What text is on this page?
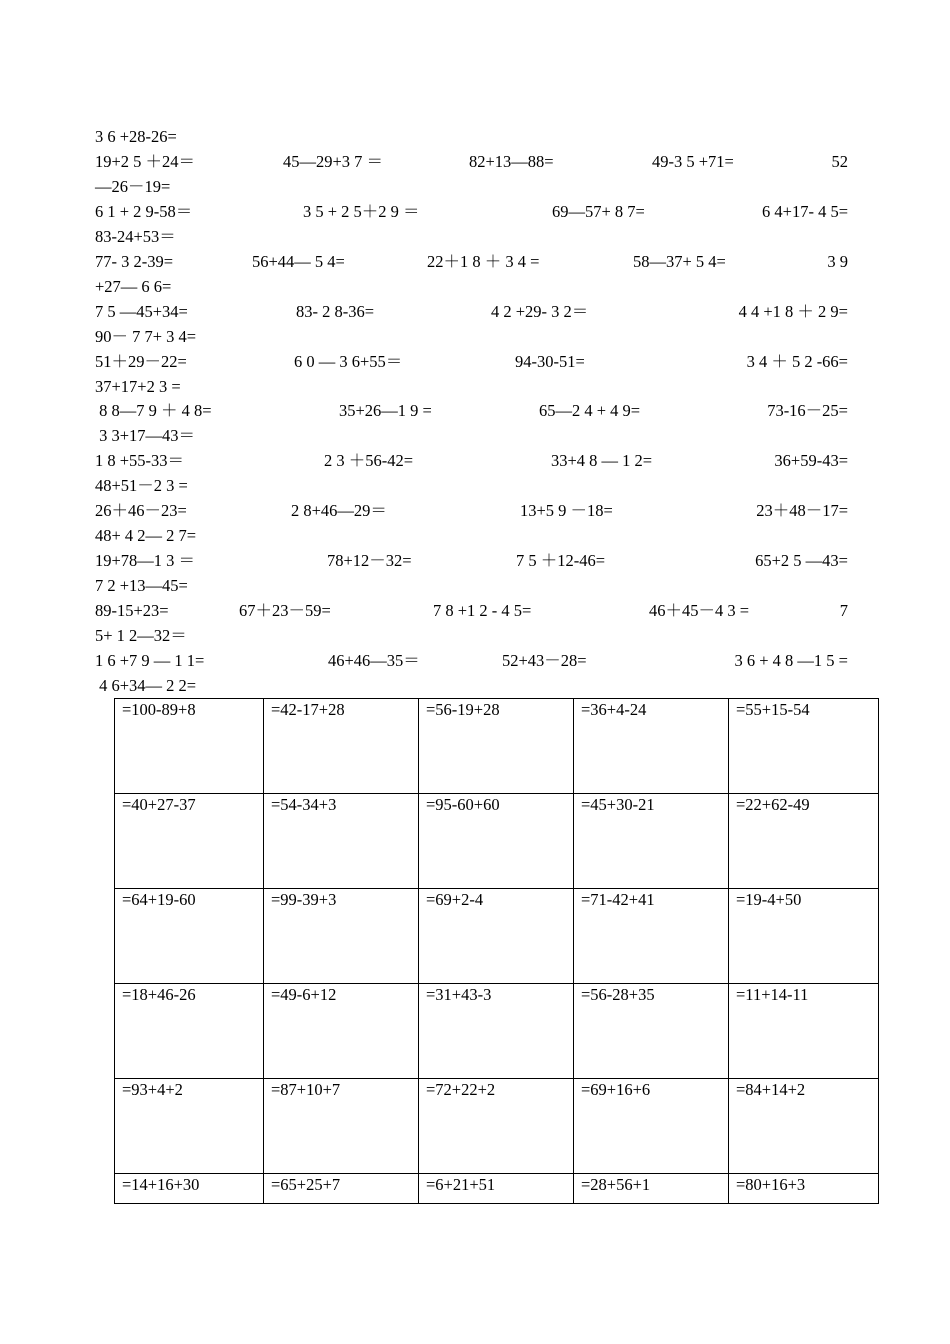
3 6 +28-26=
19+2 5 ＋24＝	45—29+3 7 ＝	82+13—88=	49-3 5 +71=	52
—26－19=
6 1 + 2 9-58＝	3 5 + 2 5＋2 9 ＝	69—57+ 8 7=	6 4+17- 4 5=
83-24+53＝
77- 3 2-39=	56+44— 5 4=	22＋1 8 ＋ 3 4 =	58—37+ 5 4=	3 9
+27— 6 6=
7 5 —45+34=	83- 2 8-36=	4 2 +29- 3 2＝	4 4 +1 8 ＋ 2 9=
90－ 7 7+ 3 4=
51＋29－22=	6 0 — 3 6+55＝	94-30-51=	3 4 ＋ 5 2 -66=
37+17+2 3 =
8 8—7 9 ＋ 4 8=	35+26—1 9 =	65—2 4 + 4 9=	73-16－25=
3 3+17—43＝
1 8 +55-33＝	2 3 ＋56-42=	33+4 8 — 1 2=	36+59-43=
48+51－2 3 =
26＋46－23=	2 8+46—29＝	13+5 9 －18=	23＋48－17=
48+ 4 2— 2 7=
19+78—1 3 ＝	78+12－32=	7 5 ＋12-46=	65+2 5 —43=
7 2 +13—45=
89-15+23=	67＋23－59=	7 8 +1 2 - 4 5=	46＋45－4 3 =	7
5+ 1 2—32＝
1 6 +7 9 — 1 1=	46+46—35＝	52+43－28=	3 6 + 4 8 —1 5 =
4 6+34— 2 2=
=100-89+8	=42-17+28	=56-19+28	=36+4-24	=55+15-54
=40+27-37	=54-34+3	=95-60+60	=45+30-21	=22+62-49
=64+19-60	=99-39+3	=69+2-4	=71-42+41	=19-4+50
=18+46-26	=49-6+12	=31+43-3	=56-28+35	=11+14-11
=93+4+2	=87+10+7	=72+22+2	=69+16+6	=84+14+2
=14+16+30	=65+25+7	=6+21+51	=28+56+1	=80+16+3
